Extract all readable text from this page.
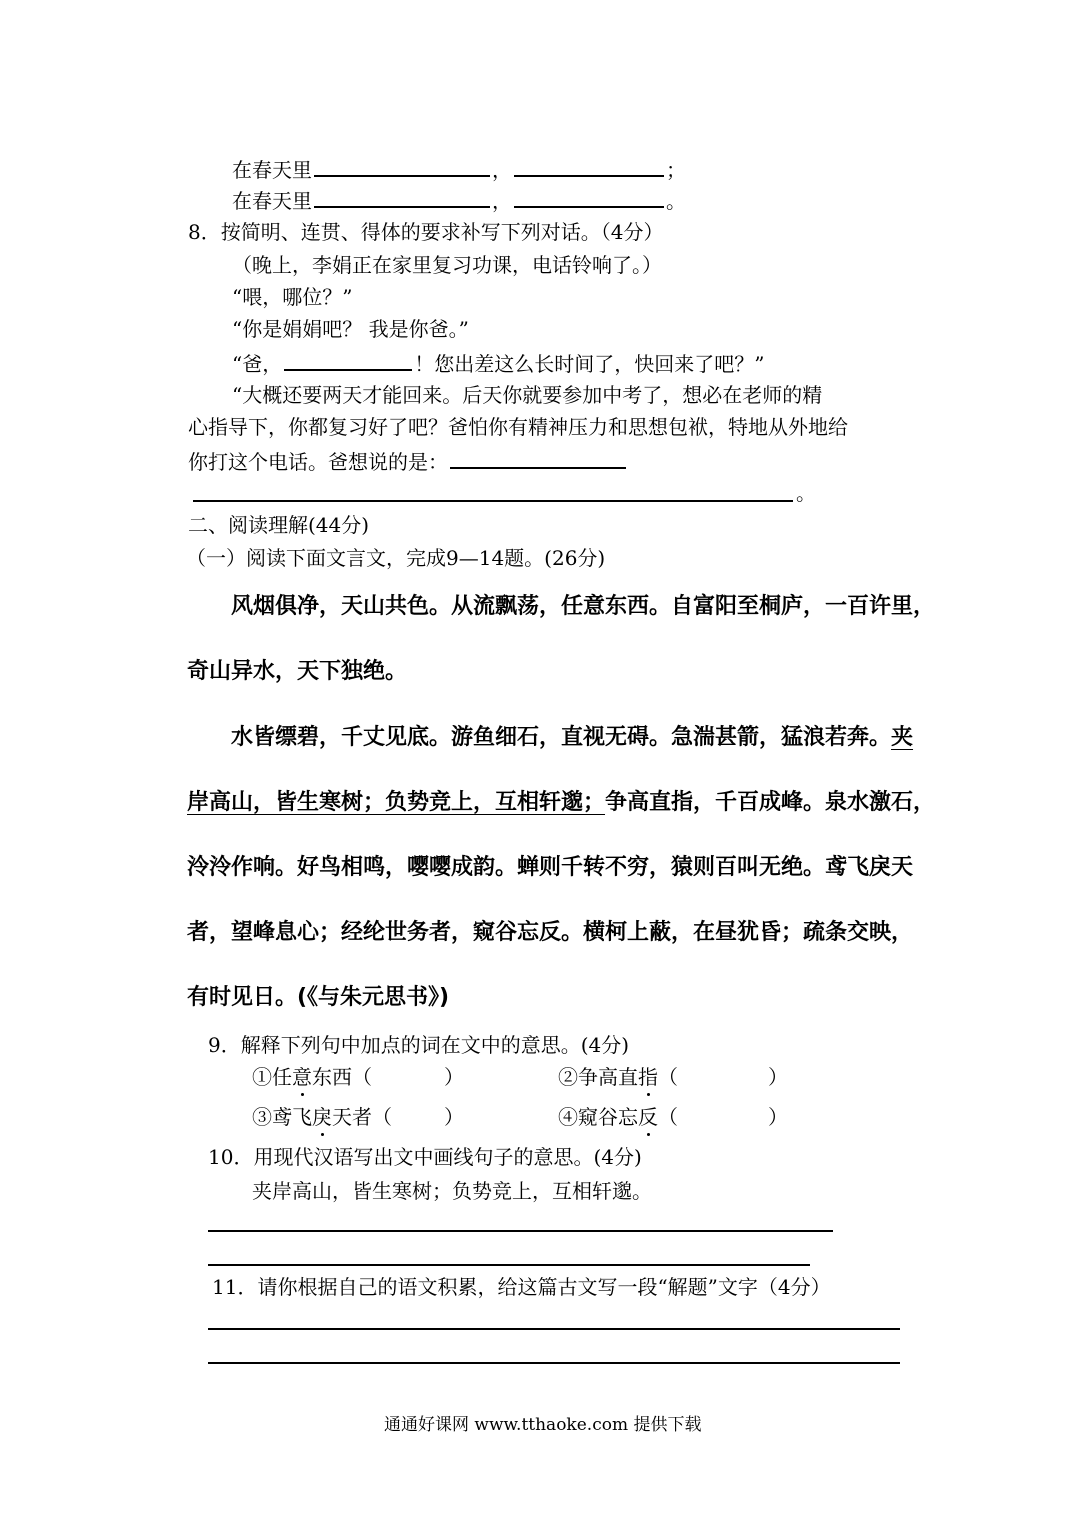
在春天里	，	；
在春天里	，	。
8．按简明、连贯、得体的要求补写下列对话。（4分）
（晚上，李娟正在家里复习功课，电话铃响了。）
“喂，哪位？”
“你是娟娟吧？ 我是你爸。”
“爸，	！您出差这么长时间了，快回来了吧？”
“大概还要两天才能回来。后天你就要参加中考了，想必在老师的精
心指导下，你都复习好了吧？爸怕你有精神压力和思想包袱，特地从外地给
你打这个电话。爸想说的是：
。
二、阅读理解(44分)
（一）阅读下面文言文，完成9—14题。(26分)
风烟俱净，天山共色。从流飘荡，任意东西。自富阳至桐庐，一百许里，
奇山异水，天下独绝。
水皆缥碧，千丈见底。游鱼细石，直视无碍。急湍甚箭，猛浪若奔。夹
岸高山，皆生寒树；负势竞上，互相轩邈；争高直指，千百成峰。泉水激石，
泠泠作响。好鸟相鸣，嘤嘤成韵。蝉则千转不穷，猿则百叫无绝。鸢飞戾天
者，望峰息心；经纶世务者，窥谷忘反。横柯上蔽，在昼犹昏；疏条交映，
有时见日。(《与朱元思书》)
9．解释下列句中加点的词在文中的意思。(4分)
①任意东西（	）	②争高直指（	）
③鸢飞戾天者（	）	④窥谷忘反（	）
10．用现代汉语写出文中画线句子的意思。(4分)
夹岸高山，皆生寒树；负势竞上，互相轩邈。
11．请你根据自己的语文积累，给这篇古文写一段“解题”文字（4分）
通通好课网 www.tthaoke.com 提供下载
